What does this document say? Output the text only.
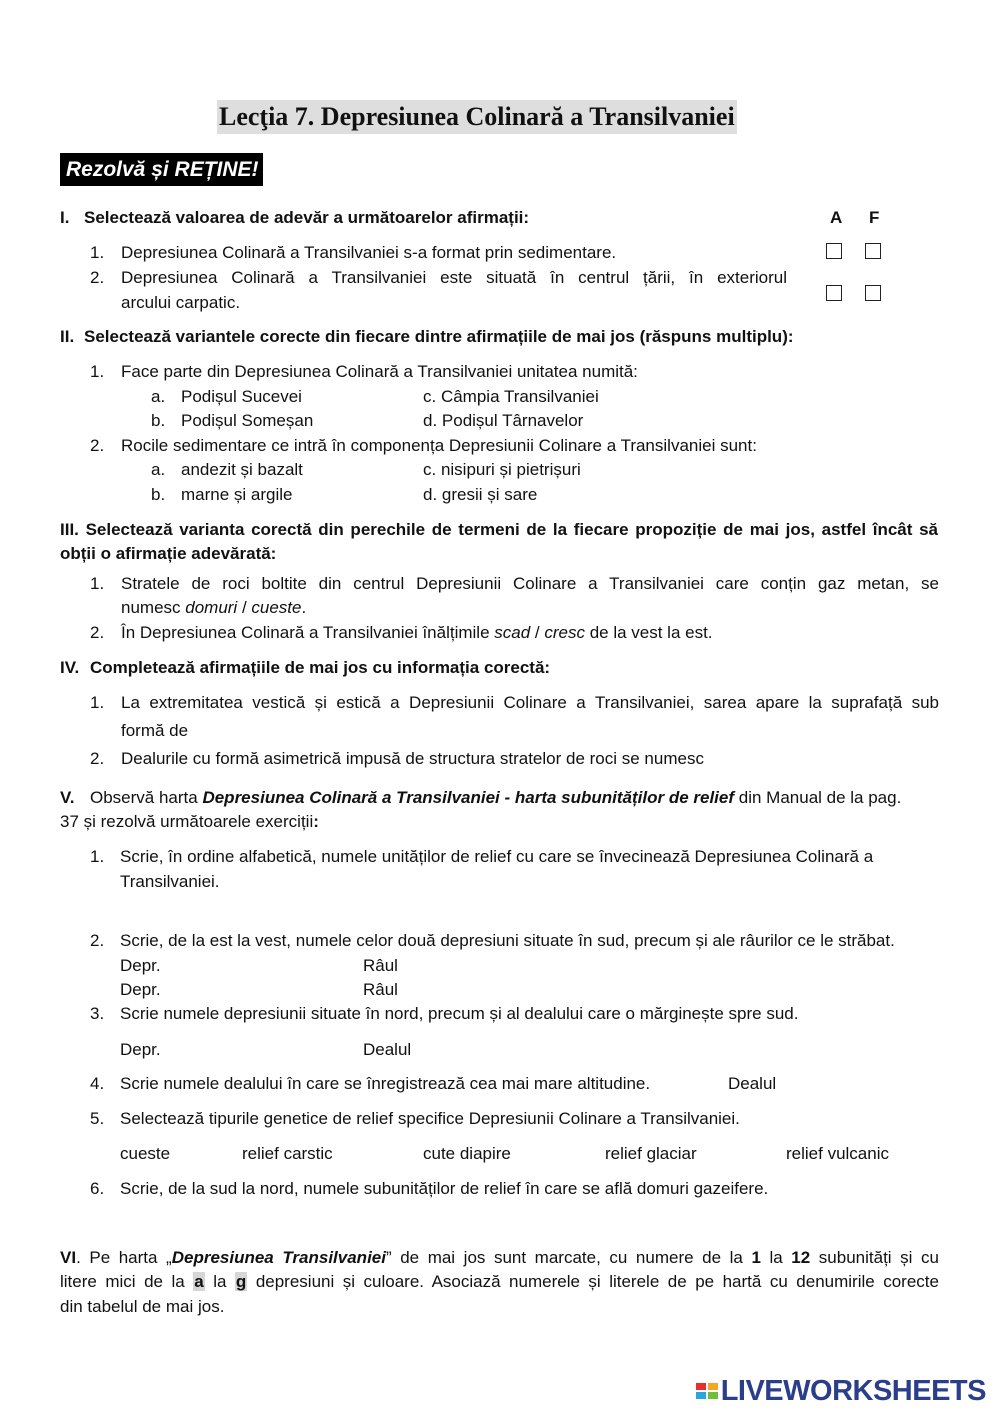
Lecţia 7. Depresiunea Colinară a Transilvaniei
Rezolvă și REȚINE!
I. Selectează valoarea de adevăr a următoarelor afirmații:	A F
1. Depresiunea Colinară a Transilvaniei s-a format prin sedimentare.
2. Depresiunea Colinară a Transilvaniei este situată în centrul țării, în exteriorul
arcului carpatic.
II. Selectează variantele corecte din fiecare dintre afirmațiile de mai jos (răspuns multiplu):
1. Face parte din Depresiunea Colinară a Transilvaniei unitatea numită:
a. Podișul Sucevei	c. Câmpia Transilvaniei
b. Podișul Someșan	d. Podișul Târnavelor
2. Rocile sedimentare ce intră în componența Depresiunii Colinare a Transilvaniei sunt:
a. andezit și bazalt	c. nisipuri și pietrișuri
b. marne și argile	d. gresii și sare
III. Selectează varianta corectă din perechile de termeni de la fiecare propoziție de mai jos, astfel încât să
obții o afirmație adevărată:
1. Stratele de roci boltite din centrul Depresiunii Colinare a Transilvaniei care conțin gaz metan, se
numesc domuri / cueste.
2. În Depresiunea Colinară a Transilvaniei înălțimile scad / cresc de la vest la est.
IV. Completează afirmațiile de mai jos cu informația corectă:
1. La extremitatea vestică și estică a Depresiunii Colinare a Transilvaniei, sarea apare la suprafață sub
formă de
2. Dealurile cu formă asimetrică impusă de structura stratelor de roci se numesc
V. Observă harta Depresiunea Colinară a Transilvaniei - harta subunităților de relief din Manual de la pag.
37 și rezolvă următoarele exerciții:
1. Scrie, în ordine alfabetică, numele unităților de relief cu care se învecinează Depresiunea Colinară a
Transilvaniei.
2. Scrie, de la est la vest, numele celor două depresiuni situate în sud, precum și ale râurilor ce le străbat.
Depr.	Râul
Depr.	Râul
3. Scrie numele depresiunii situate în nord, precum și al dealului care o mărginește spre sud.
Depr.	Dealul
4. Scrie numele dealului în care se înregistrează cea mai mare altitudine.	Dealul
5. Selectează tipurile genetice de relief specifice Depresiunii Colinare a Transilvaniei.
cueste	relief carstic	cute diapire	relief glaciar	relief vulcanic
6. Scrie, de la sud la nord, numele subunităților de relief în care se află domuri gazeifere.
VI. Pe harta „Depresiunea Transilvaniei” de mai jos sunt marcate, cu numere de la 1 la 12 subunități și cu
litere mici de la a la g depresiuni și culoare. Asociază numerele și literele de pe hartă cu denumirile corecte
din tabelul de mai jos.
LIVEWORKSHEETS
